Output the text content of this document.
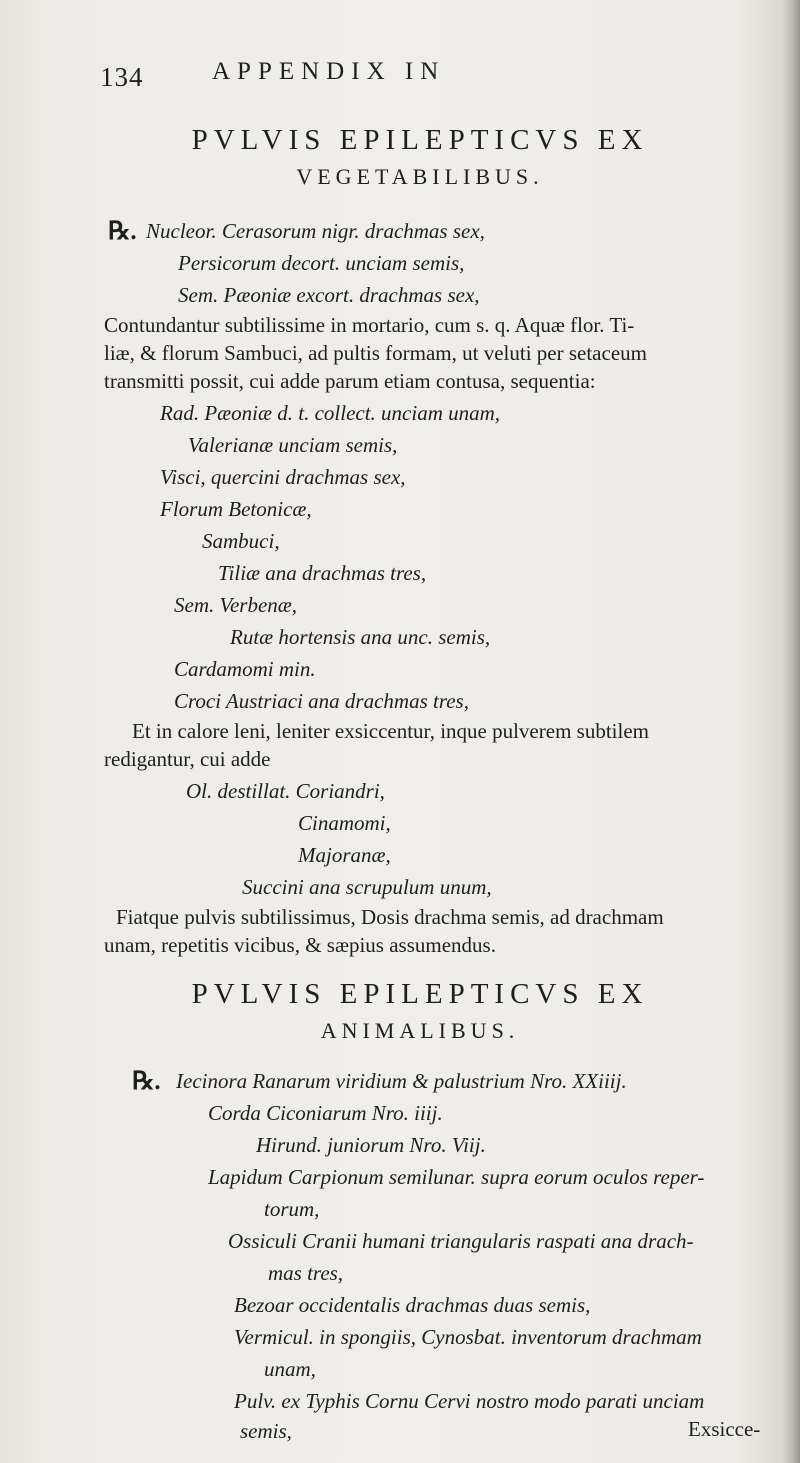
134	APPENDIX IN
PVLVIS EPILEPTICVS EX
VEGETABILIBUS.
℞. Nucleor. Cerasorum nigr. drachmas sex,
Persicorum decort. unciam semis,
Sem. Pæoniæ excort. drachmas sex,
Contundantur subtilissime in mortario, cum s. q. Aquæ flor. Ti-
liæ, & florum Sambuci, ad pultis formam, ut veluti per setaceum
transmitti possit, cui adde parum etiam contusa, sequentia:
Rad. Pæoniæ d. t. collect. unciam unam,
Valerianæ unciam semis,
Visci, quercini drachmas sex,
Florum Betonicæ,
Sambuci,
Tiliæ ana drachmas tres,
Sem. Verbenæ,
Rutæ hortensis ana unc. semis,
Cardamomi min.
Croci Austriaci ana drachmas tres,
Et in calore leni, leniter exsiccentur, inque pulverem subtilem
redigantur, cui adde
Ol. destillat. Coriandri,
Cinamomi,
Majoranæ,
Succini ana scrupulum unum,
Fiatque pulvis subtilissimus, Dosis drachma semis, ad drachmam
unam, repetitis vicibus, & sæpius assumendus.
PVLVIS EPILEPTICVS EX
ANIMALIBUS.
℞. Iecinora Ranarum viridium & palustrium Nro. XXiiij.
Corda Ciconiarum Nro. iiij.
Hirund. juniorum Nro. Viij.
Lapidum Carpionum semilunar. supra eorum oculos reper-
torum,
Ossiculi Cranii humani triangularis raspati ana drach-
mas tres,
Bezoar occidentalis drachmas duas semis,
Vermicul. in spongiis, Cynosbat. inventorum drachmam
unam,
Pulv. ex Typhis Cornu Cervi nostro modo parati unciam
semis,	Exsicce-
